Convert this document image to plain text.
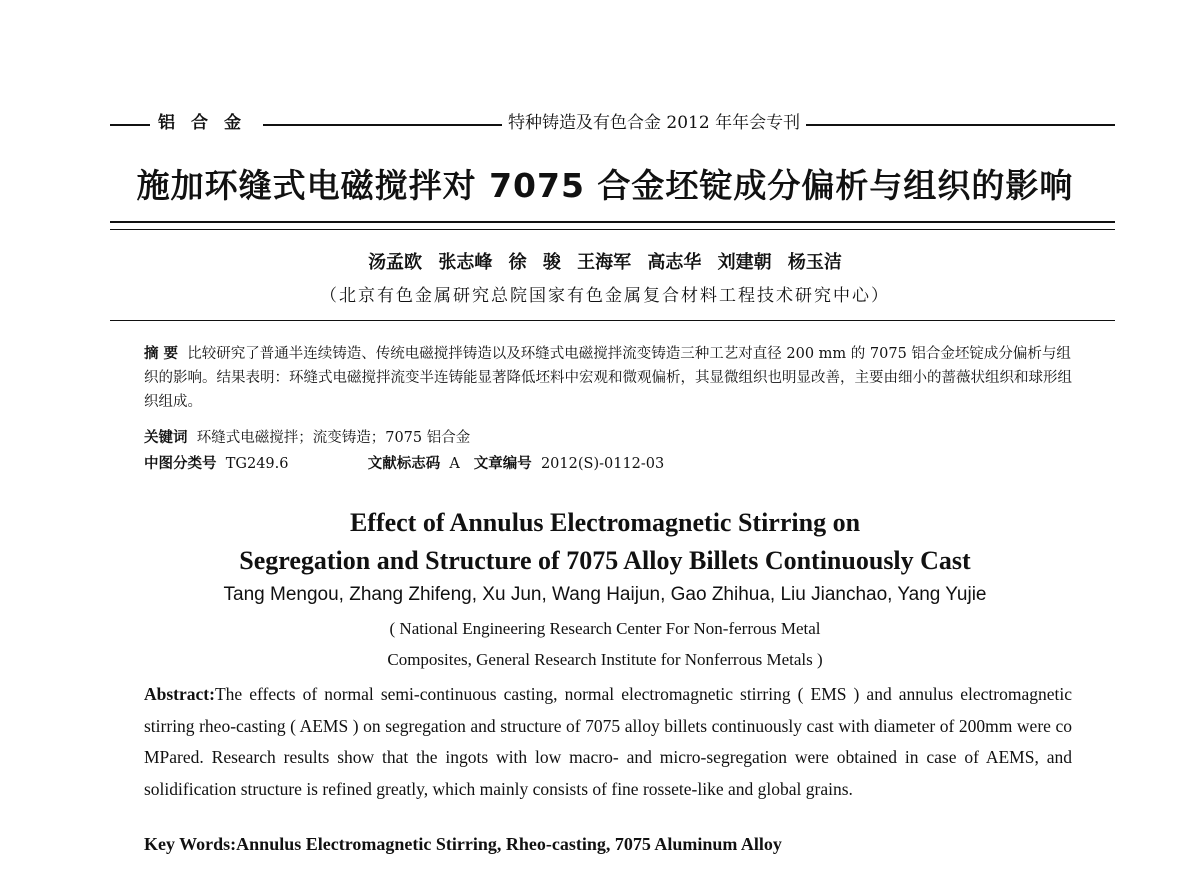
铝合金	特种铸造及有色合金 2012 年年会专刊
施加环缝式电磁搅拌对 7075 合金坯锭成分偏析与组织的影响
汤孟欧 张志峰 徐 骏 王海军 高志华 刘建朝 杨玉洁
（北京有色金属研究总院国家有色金属复合材料工程技术研究中心）
摘 要 比较研究了普通半连续铸造、传统电磁搅拌铸造以及环缝式电磁搅拌流变铸造三种工艺对直径 200 mm 的 7075 铝合金坯锭成分偏析与组织的影响。结果表明：环缝式电磁搅拌流变半连铸能显著降低坯料中宏观和微观偏析，其显微组织也明显改善，主要由细小的蔷薇状组织和球形组织组成。
关键词 环缝式电磁搅拌；流变铸造；7075 铝合金
中图分类号 TG249.6	文献标志码 A 文章编号 2012(S)-0112-03
Effect of Annulus Electromagnetic Stirring on
Segregation and Structure of 7075 Alloy Billets Continuously Cast
Tang Mengou, Zhang Zhifeng, Xu Jun, Wang Haijun, Gao Zhihua, Liu Jianchao, Yang Yujie
( National Engineering Research Center For Non-ferrous Metal
Composites, General Research Institute for Nonferrous Metals )
Abstract:The effects of normal semi-continuous casting, normal electromagnetic stirring ( EMS ) and annulus electromagnetic stirring rheo-casting ( AEMS ) on segregation and structure of 7075 alloy billets continuously cast with diameter of 200mm were co MPared. Research results show that the ingots with low macro- and micro-segregation were obtained in case of AEMS, and solidification structure is refined greatly, which mainly consists of fine rossete-like and global grains.
Key Words:Annulus Electromagnetic Stirring, Rheo-casting, 7075 Aluminum Alloy
